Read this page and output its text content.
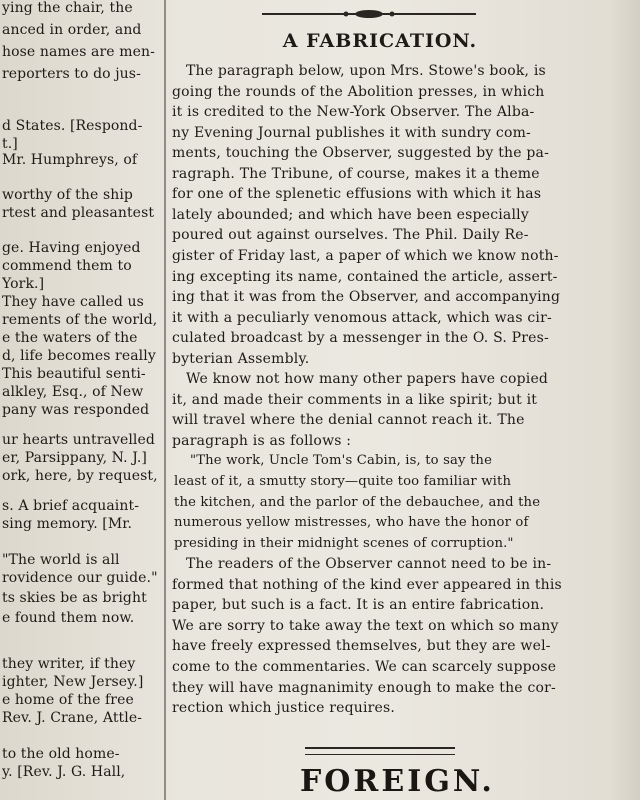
ying the chair, the
anced in order, and
hose names are men-
reporters to do jus-
d States. [Respond-
t.]
Mr. Humphreys, of
worthy of the ship
rtest and pleasantest
ge. Having enjoyed
commend them to
York.]
They have called us
rements of the world,
e the waters of the
d, life becomes really
This beautiful senti-
alkley, Esq., of New
pany was responded
ur hearts untravelled
er, Parsippany, N. J.]
ork, here, by request,
s. A brief acquaint-
sing memory. [Mr.
"The world is all
rovidence our guide."
ts skies be as bright
e found them now.
they writer, if they
ighter, New Jersey.]
e home of the free
Rev. J. Crane, Attle-
to the old home-
y. [Rev. J. G. Hall,
A FABRICATION.
The paragraph below, upon Mrs. Stowe's book, is
going the rounds of the Abolition presses, in which
it is credited to the New-York Observer. The Alba-
ny Evening Journal publishes it with sundry com-
ments, touching the Observer, suggested by the pa-
ragraph. The Tribune, of course, makes it a theme
for one of the splenetic effusions with which it has
lately abounded; and which have been especially
poured out against ourselves. The Phil. Daily Re-
gister of Friday last, a paper of which we know noth-
ing excepting its name, contained the article, assert-
ing that it was from the Observer, and accompanying
it with a peculiarly venomous attack, which was cir-
culated broadcast by a messenger in the O. S. Pres-
byterian Assembly.
We know not how many other papers have copied
it, and made their comments in a like spirit; but it
will travel where the denial cannot reach it. The
paragraph is as follows :
"The work, Uncle Tom's Cabin, is, to say the
least of it, a smutty story—quite too familiar with
the kitchen, and the parlor of the debauchee, and the
numerous yellow mistresses, who have the honor of
presiding in their midnight scenes of corruption."
The readers of the Observer cannot need to be in-
formed that nothing of the kind ever appeared in this
paper, but such is a fact. It is an entire fabrication.
We are sorry to take away the text on which so many
have freely expressed themselves, but they are wel-
come to the commentaries. We can scarcely suppose
they will have magnanimity enough to make the cor-
rection which justice requires.
FOREIGN.
